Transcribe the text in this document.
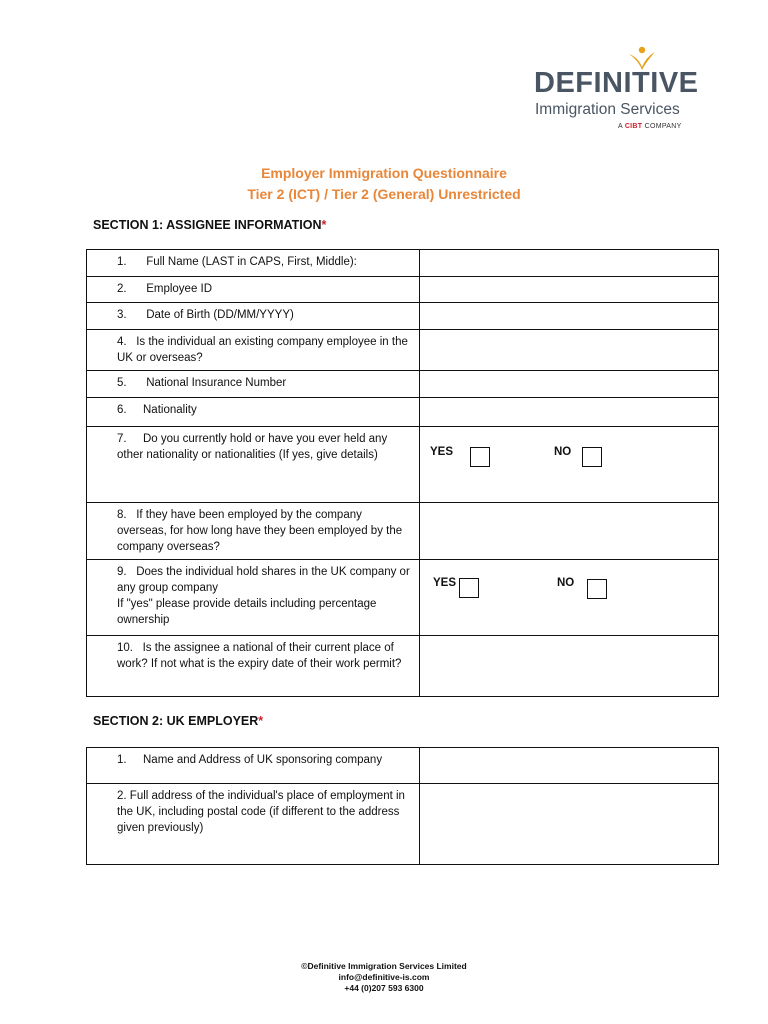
DEFINITIVE
Immigration Services
A CIBT COMPANY
Employer Immigration Questionnaire
Tier 2 (ICT) / Tier 2 (General) Unrestricted
SECTION 1: ASSIGNEE INFORMATION*
1. Full Name (LAST in CAPS, First, Middle):	
2. Employee ID	
3. Date of Birth (DD/MM/YYYY)	
4. Is the individual an existing company employee in the UK or overseas?	
5. National Insurance Number	
6. Nationality	
7. Do you currently hold or have you ever held any other nationality or nationalities (If yes, give details)	YES NO

8. If they have been employed by the company overseas, for how long have they been employed by the company overseas?	
9. Does the individual hold shares in the UK company or any group company
If "yes" please provide details including percentage ownership	YES NO

10. Is the assignee a national of their current place of work? If not what is the expiry date of their work permit?	
SECTION 2: UK EMPLOYER*
1. Name and Address of UK sponsoring company	
2. Full address of the individual's place of employment in the UK, including postal code (if different to the address given previously)	
©Definitive Immigration Services Limited
info@definitive-is.com
+44 (0)207 593 6300
